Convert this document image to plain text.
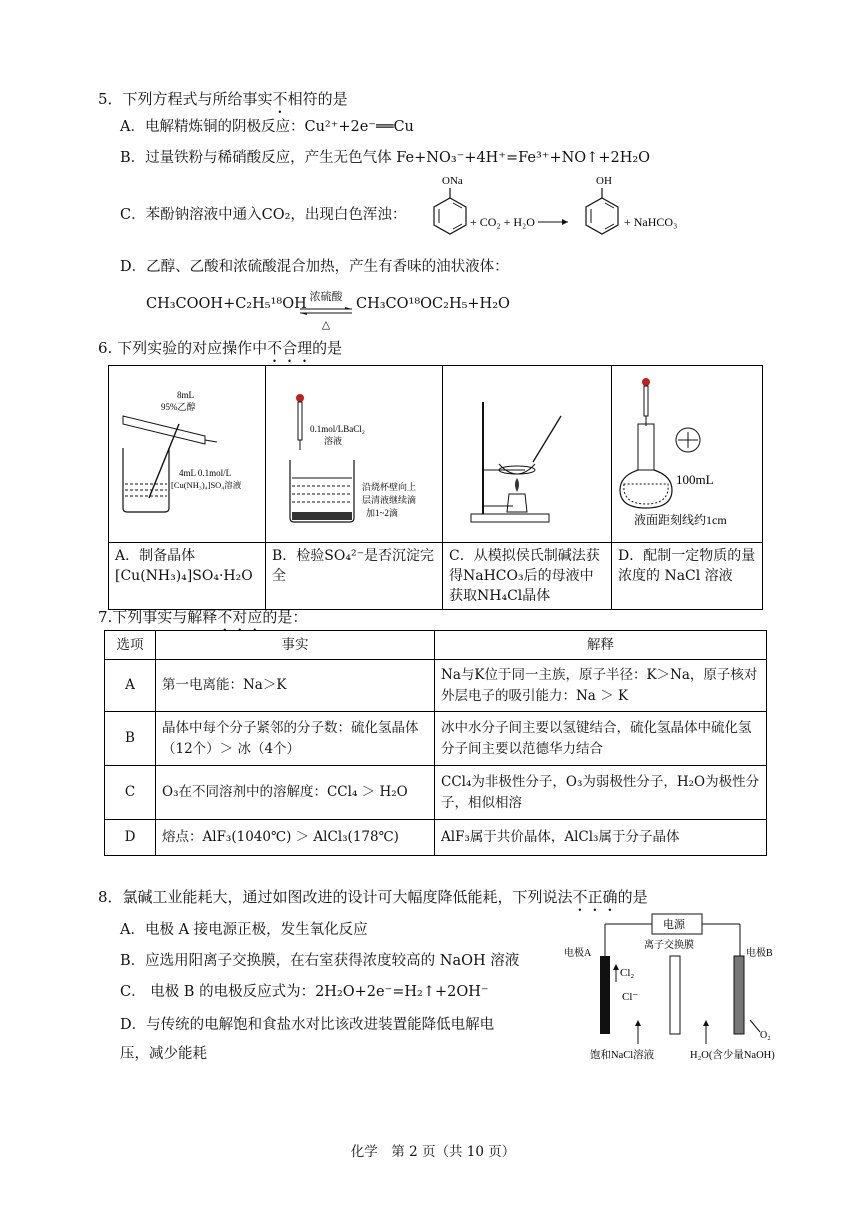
5．下列方程式与所给事实不相符的是
A．电解精炼铜的阴极反应：Cu²⁺+2e⁻══Cu
B．过量铁粉与稀硝酸反应，产生无色气体 Fe+NO₃⁻+4H⁺=Fe³⁺+NO↑+2H₂O
C．苯酚钠溶液中通入CO₂，出现白色浑浊：
ONa
+ CO₂ + H₂O
OH
+ NaHCO₃
D．乙醇、乙酸和浓硫酸混合加热，产生有香味的油状液体：
CH₃COOH+C₂H₅¹⁸OH 浓硫酸
△
CH₃CO¹⁸OC₂H₅+H₂O
6. 下列实验的对应操作中不合理的是
8mL
95%乙醇
4mL 0.1mol/L
[Cu(NH₃)₄]SO₄溶液	0.1mol/LBaCl₂
溶液
沿烧杯壁向上
层清液继续滴
加1~2滴		100mL
液面距刻线约1cm

A．制备晶体[Cu(NH₃)₄]SO₄·H₂O	B．检验SO₄²⁻是否沉淀完全	C．从模拟侯氏制碱法获得NaHCO₃后的母液中获取NH₄Cl晶体	D．配制一定物质的量浓度的 NaCl 溶液
7.下列事实与解释不对应的是：
选项	事实	解释
A	第一电离能：Na＞K	Na与K位于同一主族，原子半径：K＞Na，原子核对外层电子的吸引能力：Na ＞ K
B	晶体中每个分子紧邻的分子数：硫化氢晶体（12个）＞ 冰（4个）	冰中水分子间主要以氢键结合，硫化氢晶体中硫化氢分子间主要以范德华力结合
C	O₃在不同溶剂中的溶解度：CCl₄ ＞ H₂O	CCl₄为非极性分子，O₃为弱极性分子，H₂O为极性分子，相似相溶
D	熔点：AlF₃(1040℃) ＞ AlCl₃(178℃)	AlF₃属于共价晶体，AlCl₃属于分子晶体
8．氯碱工业能耗大，通过如图改进的设计可大幅度降低能耗，下列说法不正确的是
A．电极 A 接电源正极，发生氧化反应
B．应选用阳离子交换膜，在右室获得浓度较高的 NaOH 溶液
C． 电极 B 的电极反应式为：2H₂O+2e⁻=H₂↑+2OH⁻
D．与传统的电解饱和食盐水对比该改进装置能降低电解电
压，减少能耗
电源
离子交换膜
电极A	电极B
Cl₂
Cl⁻
O₂
饱和NaCl溶液	H₂O(含少量NaOH)
化学　第 2 页（共 10 页）
